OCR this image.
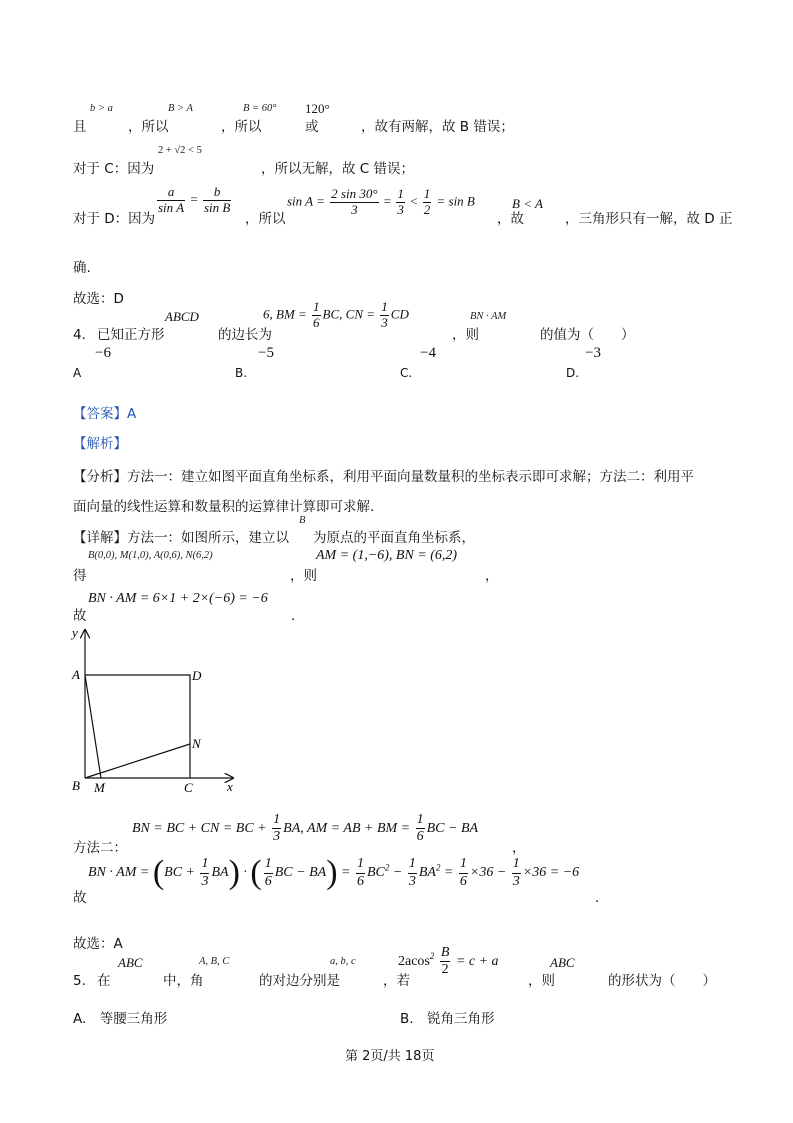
b > a	B > A	B = 60° 120°
且	，所以	，所以	或	，故有两解，故 B 错误；
2 + √2 < 5
对于 C：因为	，所以无解，故 C 错误；
对于 D：因为
$\frac{a}{\text{sin A}} = \frac{b}{\text{sin B}}$
，所以
$\sin A = \frac{2 \sin 30^\circ}{3} = \frac{1}{3} < \frac{1}{2} = \sin B$	B < A
，故	，三角形只有一解，故 D 正
确.
故选：D
ABCD	6, BM = $\frac{1}{6}$ BC, CN = $\frac{1}{3}$ CD	BN · AM
4. 已知正方形	的边长为	，则	的值为（　　）
−6	−5	−4	−3
A	B.	C.	D.
【答案】A
【解析】
【分析】方法一：建立如图平面直角坐标系，利用平面向量数量积的坐标表示即可求解；方法二：利用平
面向量的线性运算和数量积的运算律计算即可求解.
B
【详解】方法一：如图所示，建立以 为原点的平面直角坐标系，
B(0,0), M(1,0), A(0,6), N(6,2)	AM = (1,−6), BN = (6,2)
得	，则	，
BN · AM = 6×1 + 2×(−6) = −6
故	.
y
x
A	D
N
B M	C
BN = BC + CN = BC + $\frac{1}{3}$ BA, AM = AB + BM = $\frac{1}{6}$ BC − BA
方法二：	，
BN · AM = $(BC + \frac{1}{3} BA)$ · ( $\frac{1}{6}$ BC − $BA) = \frac{1}{6} BC^2 - \frac{1}{3} BA^2 = \frac{1}{6} \times 36 - \frac{1}{3} \times 36 = -6$
故	.
故选：A
ABC	A, B, C	a, b, c	$2acos^2 \frac{B}{2} = c + a$	ABC
5. 在	中，角	的对边分别是	，若	，则	的形状为（　　）
A.　等腰三角形	B.　锐角三角形
第 2页/共 18页
